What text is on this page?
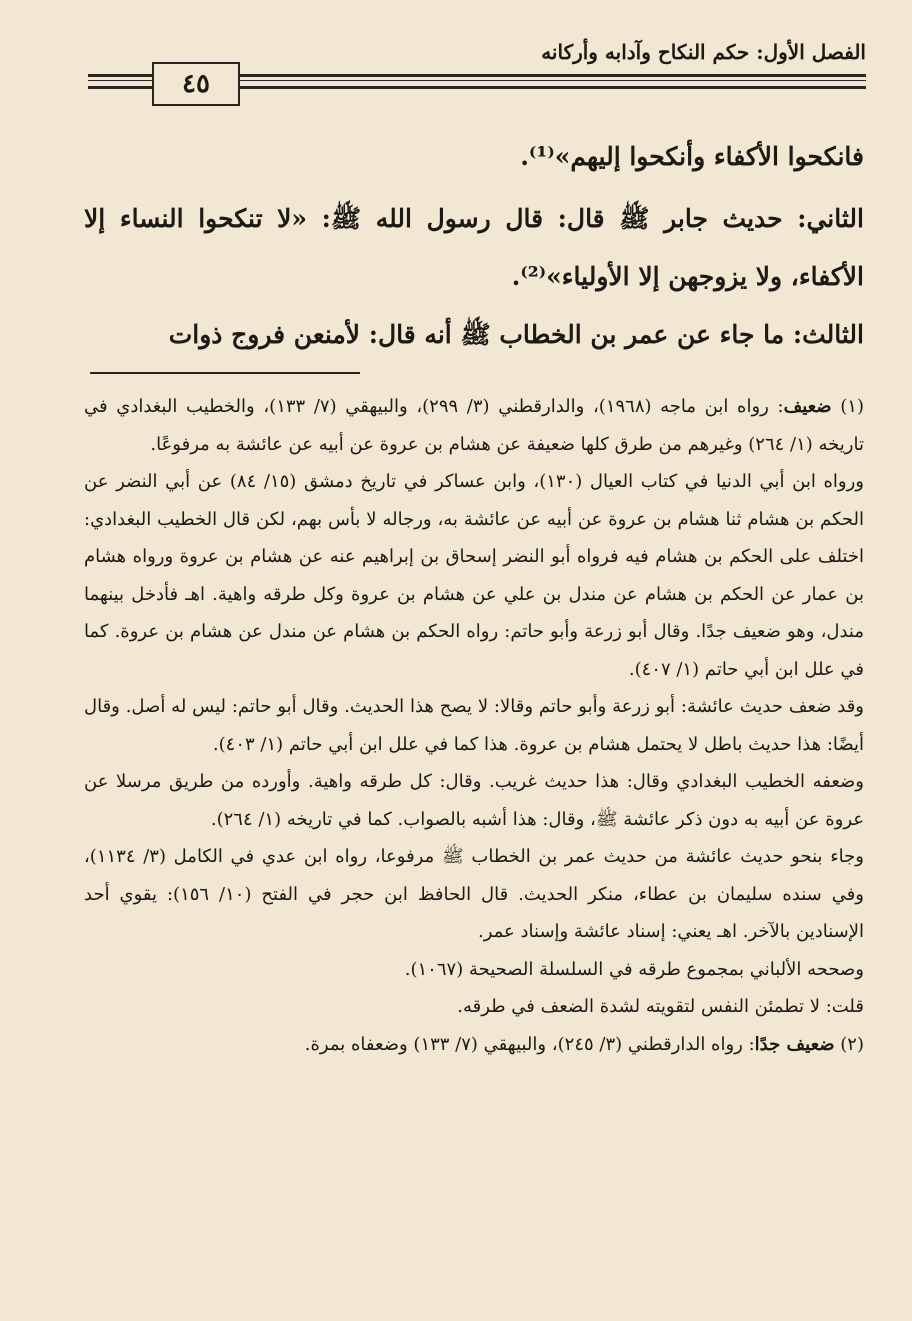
الفصل الأول: حكم النكاح وآدابه وأركانه
٤٥

فانكحوا الأكفاء وأنكحوا إليهم»⁽¹⁾.

الثاني: حديث جابر ﷺ قال: قال رسول الله ﷺ: «لا تنكحوا النساء إلا الأكفاء، ولا يزوجهن إلا الأولياء»⁽²⁾.

الثالث: ما جاء عن عمر بن الخطاب ﷺ أنه قال: لأمنعن فروج ذوات

(١) ضعيف: رواه ابن ماجه (١٩٦٨)، والدارقطني (٣/ ٢٩٩)، والبيهقي (٧/ ١٣٣)، والخطيب البغدادي في تاريخه (١/ ٢٦٤) وغيرهم من طرق كلها ضعيفة عن هشام بن عروة عن أبيه عن عائشة به مرفوعًا.

ورواه ابن أبي الدنيا في كتاب العيال (١٣٠)، وابن عساكر في تاريخ دمشق (١٥/ ٨٤) عن أبي النضر عن الحكم بن هشام ثنا هشام بن عروة عن أبيه عن عائشة به، ورجاله لا بأس بهم، لكن قال الخطيب البغدادي: اختلف على الحكم بن هشام فيه فرواه أبو النضر إسحاق بن إبراهيم عنه عن هشام بن عروة ورواه هشام بن عمار عن الحكم بن هشام عن مندل بن علي عن هشام بن عروة وكل طرقه واهية. اهـ فأدخل بينهما مندل، وهو ضعيف جدًا. وقال أبو زرعة وأبو حاتم: رواه الحكم بن هشام عن مندل عن هشام بن عروة. كما في علل ابن أبي حاتم (١/ ٤٠٧).

وقد ضعف حديث عائشة: أبو زرعة وأبو حاتم وقالا: لا يصح هذا الحديث. وقال أبو حاتم: ليس له أصل. وقال أيضًا: هذا حديث باطل لا يحتمل هشام بن عروة. هذا كما في علل ابن أبي حاتم (١/ ٤٠٣).

وضعفه الخطيب البغدادي وقال: هذا حديث غريب. وقال: كل طرقه واهية. وأورده من طريق مرسلا عن عروة عن أبيه به دون ذكر عائشة ﷺ، وقال: هذا أشبه بالصواب. كما في تاريخه (١/ ٢٦٤).

وجاء بنحو حديث عائشة من حديث عمر بن الخطاب ﷺ مرفوعا، رواه ابن عدي في الكامل (٣/ ١١٣٤)، وفي سنده سليمان بن عطاء، منكر الحديث. قال الحافظ ابن حجر في الفتح (١٠/ ١٥٦): يقوي أحد الإسنادين بالآخر. اهـ يعني: إسناد عائشة وإسناد عمر.

وصححه الألباني بمجموع طرقه في السلسلة الصحيحة (١٠٦٧).

قلت: لا تطمئن النفس لتقويته لشدة الضعف في طرقه.

(٢) ضعيف جدًا: رواه الدارقطني (٣/ ٢٤٥)، والبيهقي (٧/ ١٣٣) وضعفاه بمرة.
